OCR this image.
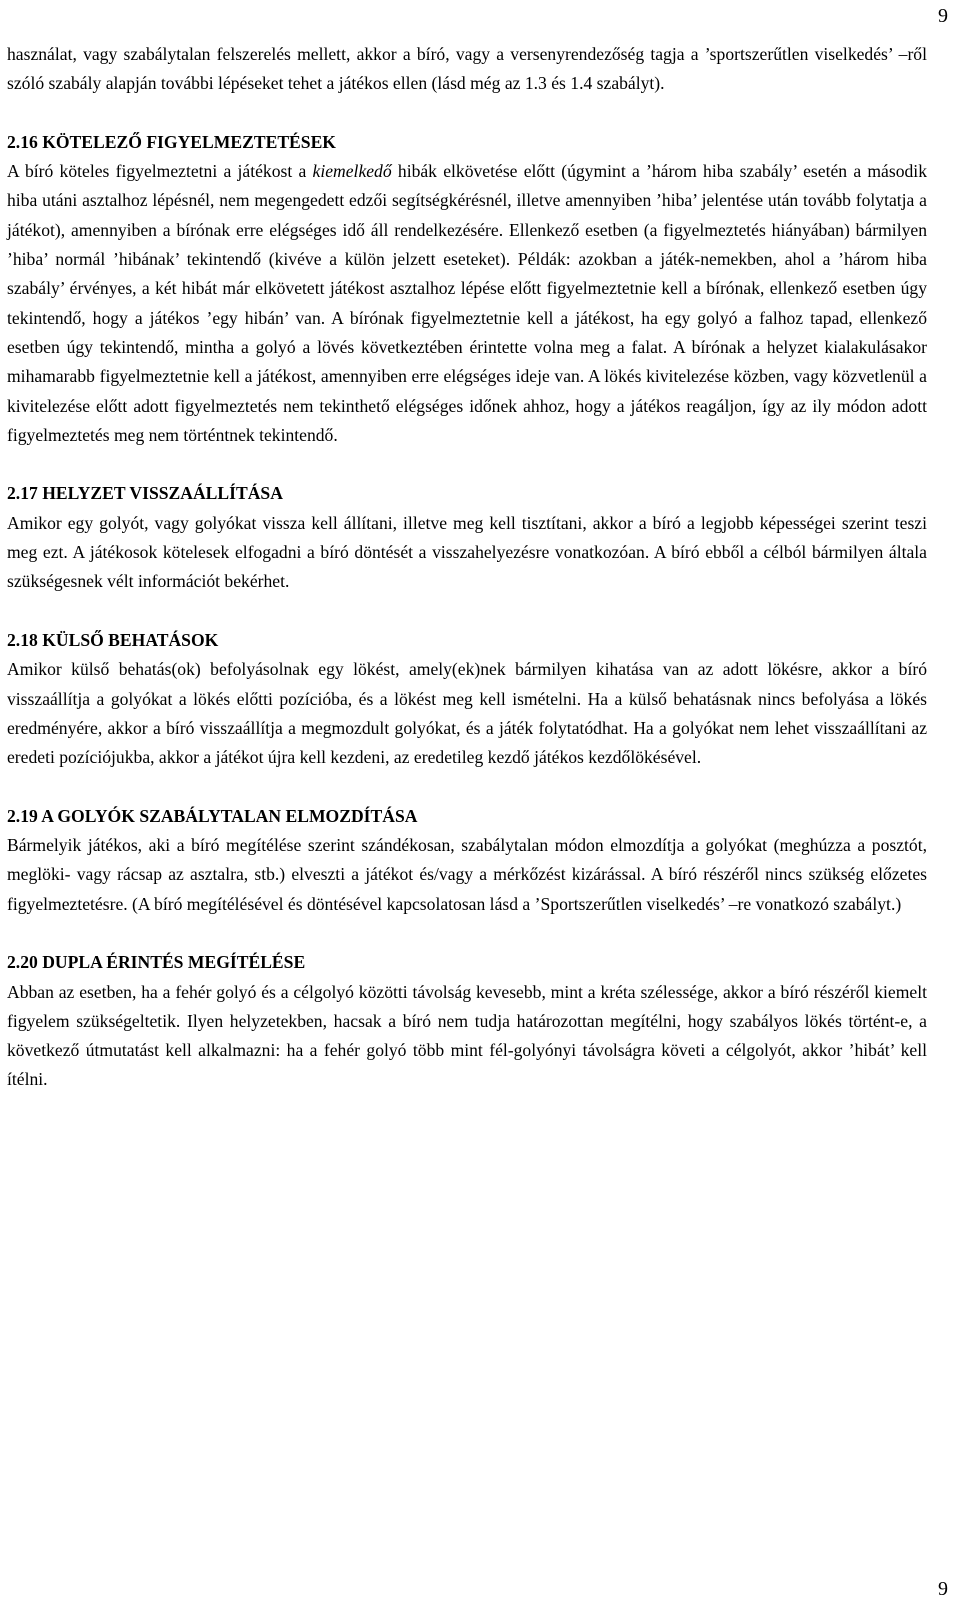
9

használat, vagy szabálytalan felszerelés mellett, akkor a bíró, vagy a versenyrendezőség tagja a ’sportszerűtlen viselkedés’ –ről szóló szabály alapján további lépéseket tehet a játékos ellen (lásd még az 1.3 és 1.4 szabályt).

2.16 KÖTELEZŐ FIGYELMEZTETÉSEK

A bíró köteles figyelmeztetni a játékost a kiemelkedő hibák elkövetése előtt (úgymint a ’három hiba szabály’ esetén a második hiba utáni asztalhoz lépésnél, nem megengedett edzői segítségkérésnél, illetve amennyiben ’hiba’ jelentése után tovább folytatja a játékot), amennyiben a bírónak erre elégséges idő áll rendelkezésére. Ellenkező esetben (a figyelmeztetés hiányában) bármilyen ’hiba’ normál ’hibának’ tekintendő (kivéve a külön jelzett eseteket). Példák: azokban a játék-nemekben, ahol a ’három hiba szabály’ érvényes, a két hibát már elkövetett játékost asztalhoz lépése előtt figyelmeztetnie kell a bírónak, ellenkező esetben úgy tekintendő, hogy a játékos ’egy hibán’ van. A bírónak figyelmeztetnie kell a játékost, ha egy golyó a falhoz tapad, ellenkező esetben úgy tekintendő, mintha a golyó a lövés következtében érintette volna meg a falat. A bírónak a helyzet kialakulásakor mihamarabb figyelmeztetnie kell a játékost, amennyiben erre elégséges ideje van. A lökés kivitelezése közben, vagy közvetlenül a kivitelezése előtt adott figyelmeztetés nem tekinthető elégséges időnek ahhoz, hogy a játékos reagáljon, így az ily módon adott figyelmeztetés meg nem történtnek tekintendő.

2.17 HELYZET VISSZAÁLLÍTÁSA

Amikor egy golyót, vagy golyókat vissza kell állítani, illetve meg kell tisztítani, akkor a bíró a legjobb képességei szerint teszi meg ezt. A játékosok kötelesek elfogadni a bíró döntését a visszahelyezésre vonatkozóan. A bíró ebből a célból bármilyen általa szükségesnek vélt információt bekérhet.

2.18 KÜLSŐ BEHATÁSOK

Amikor külső behatás(ok) befolyásolnak egy lökést, amely(ek)nek bármilyen kihatása van az adott lökésre, akkor a bíró visszaállítja a golyókat a lökés előtti pozícióba, és a lökést meg kell ismételni. Ha a külső behatásnak nincs befolyása a lökés eredményére, akkor a bíró visszaállítja a megmozdult golyókat, és a játék folytatódhat. Ha a golyókat nem lehet visszaállítani az eredeti pozíciójukba, akkor a játékot újra kell kezdeni, az eredetileg kezdő játékos kezdőlökésével.

2.19 A GOLYÓK SZABÁLYTALAN ELMOZDÍTÁSA

Bármelyik játékos, aki a bíró megítélése szerint szándékosan, szabálytalan módon elmozdítja a golyókat (meghúzza a posztót, meglöki- vagy rácsap az asztalra, stb.) elveszti a játékot és/vagy a mérkőzést kizárással. A bíró részéről nincs szükség előzetes figyelmeztetésre. (A bíró megítélésével és döntésével kapcsolatosan lásd a ’Sportszerűtlen viselkedés’ –re vonatkozó szabályt.)

2.20 DUPLA ÉRINTÉS MEGÍTÉLÉSE

Abban az esetben, ha a fehér golyó és a célgolyó közötti távolság kevesebb, mint a kréta szélessége, akkor a bíró részéről kiemelt figyelem szükségeltetik. Ilyen helyzetekben, hacsak a bíró nem tudja határozottan megítélni, hogy szabályos lökés történt-e, a következő útmutatást kell alkalmazni: ha a fehér golyó több mint fél-golyónyi távolságra követi a célgolyót, akkor ’hibát’ kell ítélni.

9
